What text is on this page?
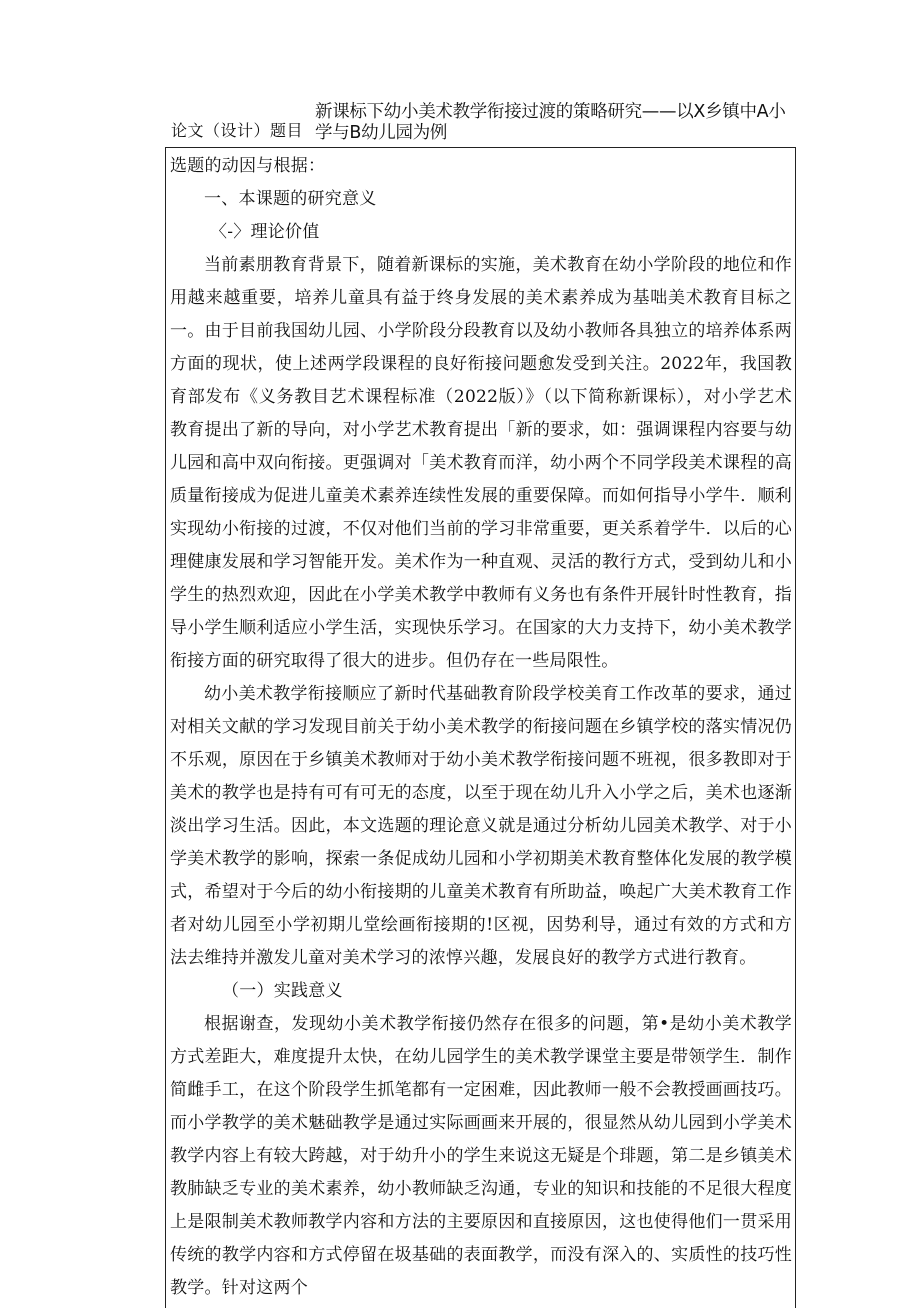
论文（设计）题目
新课标下幼小美术教学衔接过渡的策略研究——以X乡镇中A小学与B幼儿园为例

选题的动因与根据：

一、本课题的研究意义

〈-〉理论价值

当前素朋教育背景下，随着新课标的实施，美术教育在幼小学阶段的地位和作用越来越重要，培养儿童具有益于终身发展的美术素养成为基咄美术教育目标之一。由于目前我国幼儿园、小学阶段分段教育以及幼小教师各具独立的培养体系两方面的现状，使上述两学段课程的良好衔接问题愈发受到关注。2022年，我国教育部发布《义务教目艺术课程标准（2022版）》（以下简称新课标），对小学艺术教育提出了新的导向，对小学艺术教育提出「新的要求，如：强调课程内容要与幼儿园和高中双向衔接。更强调对「美术教育而洋，幼小两个不同学段美术课程的高质量衔接成为促进儿童美术素养连续性发展的重要保障。而如何指导小学牛．顺利实现幼小衔接的过渡，不仅对他们当前的学习非常重要，更关系着学牛．以后的心理健康发展和学习智能开发。美术作为一种直观、灵活的教行方式，受到幼儿和小学生的热烈欢迎，因此在小学美术教学中教师有义务也有条件开展针时性教育，指导小学生顺利适应小学生活，实现快乐学习。在国家的大力支持下，幼小美术教学衔接方面的研究取得了很大的进步。但仍存在一些局限性。

幼小美术教学衔接顺应了新时代基础教育阶段学校美育工作改革的要求，通过对相关文献的学习发现目前关于幼小美术教学的衔接问题在乡镇学校的落实情况仍不乐观，原因在于乡镇美术教师对于幼小美术教学衔接问题不班视，很多教即对于美术的教学也是持有可有可无的态度，以至于现在幼儿升入小学之后，美术也逐渐淡出学习生活。因此，本文选题的理论意义就是通过分析幼儿园美术教学、对于小学美术教学的影响，探索一条促成幼儿园和小学初期美术教育整体化发展的教学模式，希望对于今后的幼小衔接期的儿童美术教育有所助益，唤起广大美术教育工作者对幼儿园至小学初期儿堂绘画衔接期的!区视，因势利导，通过有效的方式和方法去维持并激发儿童对美术学习的浓惇兴趣，发展良好的教学方式进行教育。

（一）实践意义

根据谢查，发现幼小美术教学衔接仍然存在很多的问题，第•是幼小美术教学方式差距大，难度提升太快，在幼儿园学生的美术教学课堂主要是带领学生．制作简雌手工，在这个阶段学生抓笔都有一定困难，因此教师一般不会教授画画技巧。而小学教学的美术魅础教学是通过实际画画来开展的，很显然从幼儿园到小学美术教学内容上有较大跨越，对于幼升小的学生来说这无疑是个琲题，第二是乡镇美术教肺缺乏专业的美术素养，幼小教师缺乏沟通，专业的知识和技能的不足很大程度上是限制美术教师教学内容和方法的主要原因和直接原因，这也使得他们一贯采用传统的教学内容和方式停留在圾基础的表面教学，而没有深入的、实质性的技巧性教学。针对这两个
